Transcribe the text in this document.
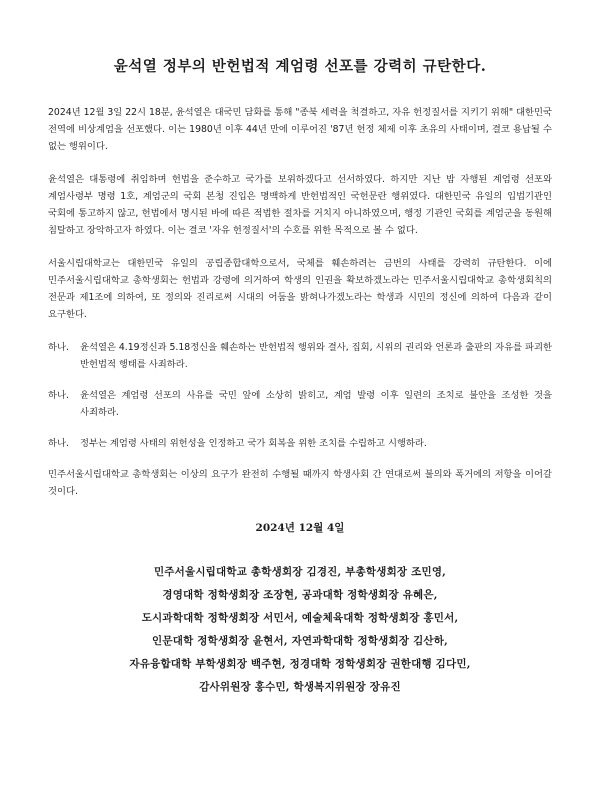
윤석열 정부의 반헌법적 계엄령 선포를 강력히 규탄한다.

2024년 12월 3일 22시 18분, 윤석열은 대국민 담화를 통해 "종북 세력을 척결하고, 자유 헌정질서를 지키기 위해" 대한민국 전역에 비상계엄을 선포했다. 이는 1980년 이후 44년 만에 이루어진 '87년 헌정 체제 이후 초유의 사태이며, 결코 용납될 수 없는 행위이다.

윤석열은 대통령에 취임하며 헌법을 준수하고 국가를 보위하겠다고 선서하였다. 하지만 지난 밤 자행된 계엄령 선포와 계엄사령부 명령 1호, 계엄군의 국회 본청 진입은 명백하게 반헌법적인 국헌문란 행위였다. 대한민국 유일의 입법기관인 국회에 통고하지 않고, 헌법에서 명시된 바에 따른 적법한 절차를 거치지 아니하였으며, 행정 기관인 국회를 계엄군을 동원해 침탈하고 장악하고자 하였다. 이는 결코 '자유 헌정질서'의 수호를 위한 목적으로 볼 수 없다.

서울시립대학교는 대한민국 유일의 공립종합대학으로서, 국체를 훼손하려는 금번의 사태를 강력히 규탄한다. 이에 민주서울시립대학교 총학생회는 헌법과 강령에 의거하여 학생의 인권을 확보하겠노라는 민주서울시립대학교 총학생회칙의 전문과 제1조에 의하여, 또 정의와 진리로써 시대의 어둠을 밝혀나가겠노라는 학생과 시민의 정신에 의하여 다음과 같이 요구한다.

하나.	윤석열은 4.19정신과 5.18정신을 훼손하는 반헌법적 행위와 결사, 집회, 시위의 권리와 언론과 출판의 자유를 파괴한 반헌법적 행태를 사죄하라.
하나.	윤석열은 계엄령 선포의 사유를 국민 앞에 소상히 밝히고, 계엄 발령 이후 일련의 조치로 불안을 조성한 것을 사죄하라.
하나.	정부는 계엄령 사태의 위헌성을 인정하고 국가 회복을 위한 조치를 수립하고 시행하라.

민주서울시립대학교 총학생회는 이상의 요구가 완전히 수행될 때까지 학생사회 간 연대로써 불의와 폭거에의 저항을 이어갈 것이다.

2024년 12월 4일
민주서울시립대학교 총학생회장 김경진, 부총학생회장 조민영,
경영대학 정학생회장 조장현, 공과대학 정학생회장 유혜은,
도시과학대학 정학생회장 서민서, 예술체육대학 정학생회장 홍민서,
인문대학 정학생회장 윤현서, 자연과학대학 정학생회장 김산하,
자유융합대학 부학생회장 백주현, 정경대학 정학생회장 권한대행 김다민,
감사위원장 홍수민, 학생복지위원장 장유진
